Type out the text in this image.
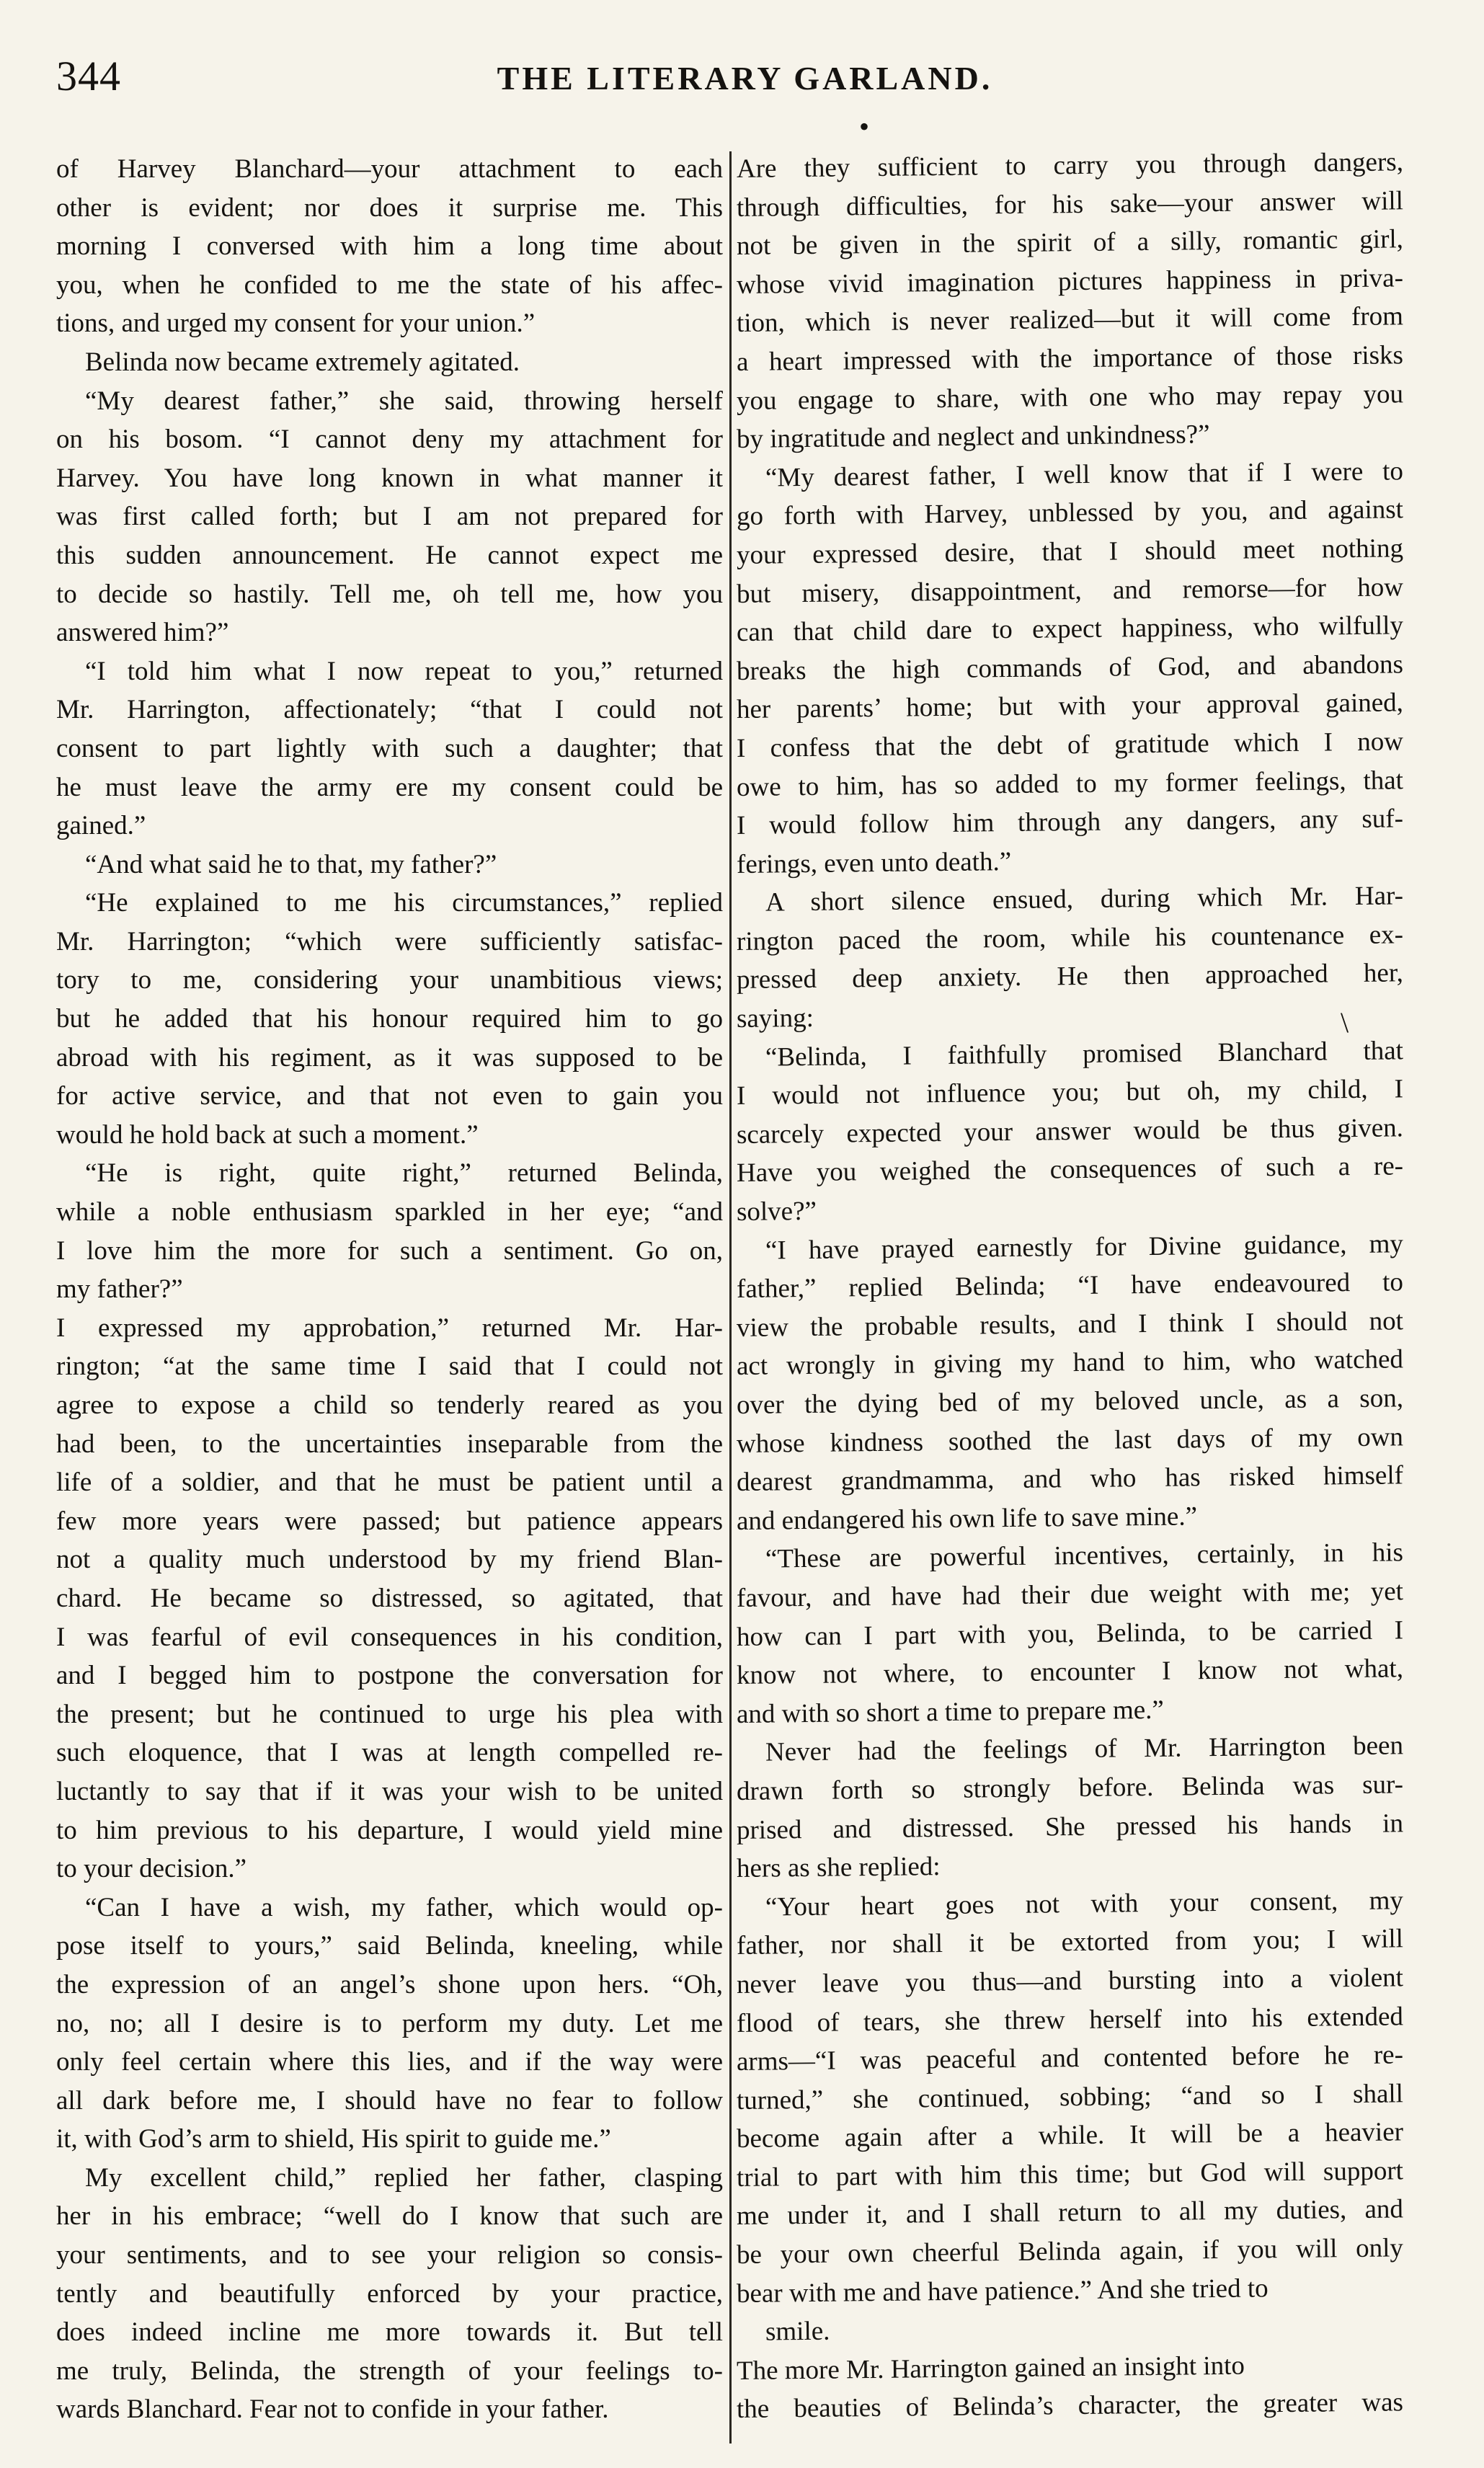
344	THE LITERARY GARLAND.
of Harvey Blanchard—your attachment to each
other is evident; nor does it surprise me. This
morning I conversed with him a long time about
you, when he confided to me the state of his affec-
tions, and urged my consent for your union.”
Belinda now became extremely agitated.
“My dearest father,” she said, throwing herself
on his bosom. “I cannot deny my attachment for
Harvey. You have long known in what manner it
was first called forth; but I am not prepared for
this sudden announcement. He cannot expect me
to decide so hastily. Tell me, oh tell me, how you
answered him?”
“I told him what I now repeat to you,” returned
Mr. Harrington, affectionately; “that I could not
consent to part lightly with such a daughter; that
he must leave the army ere my consent could be
gained.”
“And what said he to that, my father?”
“He explained to me his circumstances,” replied
Mr. Harrington; “which were sufficiently satisfac-
tory to me, considering your unambitious views;
but he added that his honour required him to go
abroad with his regiment, as it was supposed to be
for active service, and that not even to gain you
would he hold back at such a moment.”
“He is right, quite right,” returned Belinda,
while a noble enthusiasm sparkled in her eye; “and
I love him the more for such a sentiment. Go on,
my father?”
I expressed my approbation,” returned Mr. Har-
rington; “at the same time I said that I could not
agree to expose a child so tenderly reared as you
had been, to the uncertainties inseparable from the
life of a soldier, and that he must be patient until a
few more years were passed; but patience appears
not a quality much understood by my friend Blan-
chard. He became so distressed, so agitated, that
I was fearful of evil consequences in his condition,
and I begged him to postpone the conversation for
the present; but he continued to urge his plea with
such eloquence, that I was at length compelled re-
luctantly to say that if it was your wish to be united
to him previous to his departure, I would yield mine
to your decision.”
“Can I have a wish, my father, which would op-
pose itself to yours,” said Belinda, kneeling, while
the expression of an angel’s shone upon hers. “Oh,
no, no; all I desire is to perform my duty. Let me
only feel certain where this lies, and if the way were
all dark before me, I should have no fear to follow
it, with God’s arm to shield, His spirit to guide me.”
My excellent child,” replied her father, clasping
her in his embrace; “well do I know that such are
your sentiments, and to see your religion so consis-
tently and beautifully enforced by your practice,
does indeed incline me more towards it. But tell
me truly, Belinda, the strength of your feelings to-
wards Blanchard. Fear not to confide in your father.
Are they sufficient to carry you through dangers,
through difficulties, for his sake—your answer will
not be given in the spirit of a silly, romantic girl,
whose vivid imagination pictures happiness in priva-
tion, which is never realized—but it will come from
a heart impressed with the importance of those risks
you engage to share, with one who may repay you
by ingratitude and neglect and unkindness?”
“My dearest father, I well know that if I were to
go forth with Harvey, unblessed by you, and against
your expressed desire, that I should meet nothing
but misery, disappointment, and remorse—for how
can that child dare to expect happiness, who wilfully
breaks the high commands of God, and abandons
her parents’ home; but with your approval gained,
I confess that the debt of gratitude which I now
owe to him, has so added to my former feelings, that
I would follow him through any dangers, any suf-
ferings, even unto death.”
A short silence ensued, during which Mr. Har-
rington paced the room, while his countenance ex-
pressed deep anxiety. He then approached her,
saying:
“Belinda, I faithfully promised Blanchard that
I would not influence you; but oh, my child, I
scarcely expected your answer would be thus given.
Have you weighed the consequences of such a re-
solve?”
“I have prayed earnestly for Divine guidance, my
father,” replied Belinda; “I have endeavoured to
view the probable results, and I think I should not
act wrongly in giving my hand to him, who watched
over the dying bed of my beloved uncle, as a son,
whose kindness soothed the last days of my own
dearest grandmamma, and who has risked himself
and endangered his own life to save mine.”
“These are powerful incentives, certainly, in his
favour, and have had their due weight with me; yet
how can I part with you, Belinda, to be carried I
know not where, to encounter I know not what,
and with so short a time to prepare me.”
Never had the feelings of Mr. Harrington been
drawn forth so strongly before. Belinda was sur-
prised and distressed. She pressed his hands in
hers as she replied:
“Your heart goes not with your consent, my
father, nor shall it be extorted from you; I will
never leave you thus—and bursting into a violent
flood of tears, she threw herself into his extended
arms—“I was peaceful and contented before he re-
turned,” she continued, sobbing; “and so I shall
become again after a while. It will be a heavier
trial to part with him this time; but God will support
me under it, and I shall return to all my duties, and
be your own cheerful Belinda again, if you will only
bear with me and have patience.” And she tried to
smile.
The more Mr. Harrington gained an insight into
the beauties of Belinda’s character, the greater was
•
\
